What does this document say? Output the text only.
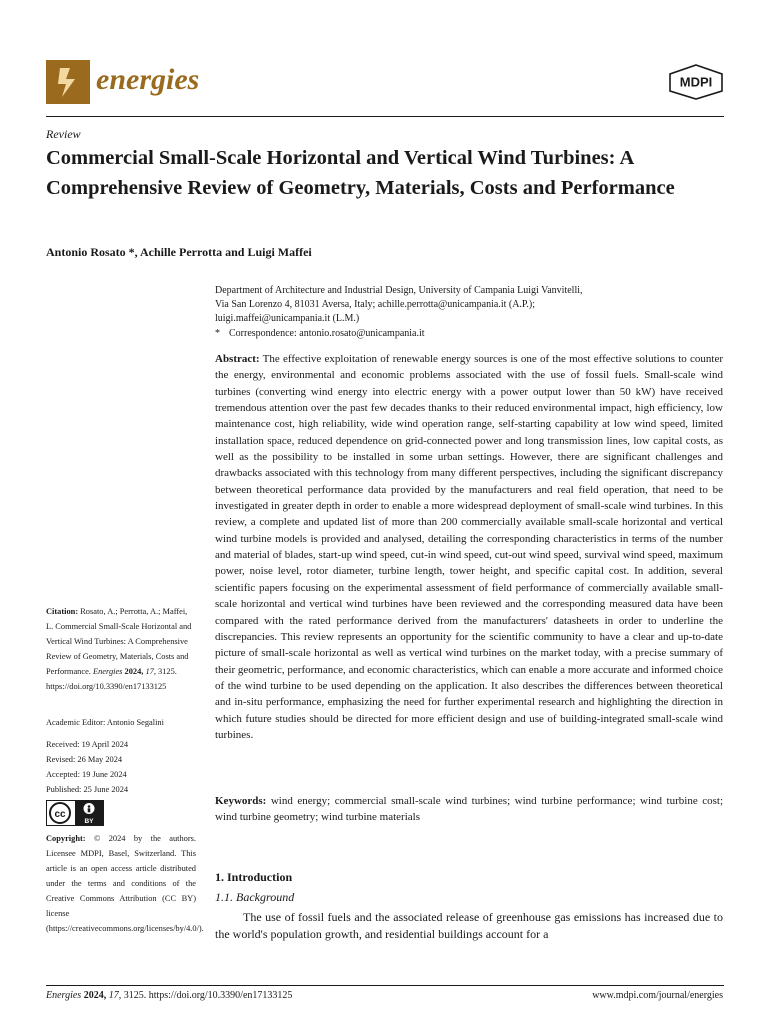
energies	MDPI
Review
Commercial Small-Scale Horizontal and Vertical Wind Turbines: A Comprehensive Review of Geometry, Materials, Costs and Performance
Antonio Rosato *, Achille Perrotta and Luigi Maffei
Department of Architecture and Industrial Design, University of Campania Luigi Vanvitelli,
Via San Lorenzo 4, 81031 Aversa, Italy; achille.perrotta@unicampania.it (A.P.);
luigi.maffei@unicampania.it (L.M.)
* Correspondence: antonio.rosato@unicampania.it
Abstract: The effective exploitation of renewable energy sources is one of the most effective solutions to counter the energy, environmental and economic problems associated with the use of fossil fuels. Small-scale wind turbines (converting wind energy into electric energy with a power output lower than 50 kW) have received tremendous attention over the past few decades thanks to their reduced environmental impact, high efficiency, low maintenance cost, high reliability, wide wind operation range, self-starting capability at low wind speed, limited installation space, reduced dependence on grid-connected power and long transmission lines, low capital costs, as well as the possibility to be installed in some urban settings. However, there are significant challenges and drawbacks associated with this technology from many different perspectives, including the significant discrepancy between theoretical performance data provided by the manufacturers and real field operation, that need to be investigated in greater depth in order to enable a more widespread deployment of small-scale wind turbines. In this review, a complete and updated list of more than 200 commercially available small-scale horizontal and vertical wind turbine models is provided and analysed, detailing the corresponding characteristics in terms of the number and material of blades, start-up wind speed, cut-in wind speed, cut-out wind speed, survival wind speed, maximum power, noise level, rotor diameter, turbine length, tower height, and specific capital cost. In addition, several scientific papers focusing on the experimental assessment of field performance of commercially available small-scale horizontal and vertical wind turbines have been reviewed and the corresponding measured data have been compared with the rated performance derived from the manufacturers' datasheets in order to underline the discrepancies. This review represents an opportunity for the scientific community to have a clear and up-to-date picture of small-scale horizontal as well as vertical wind turbines on the market today, with a precise summary of their geometric, performance, and economic characteristics, which can enable a more accurate and informed choice of the wind turbine to be used depending on the application. It also describes the differences between theoretical and in-situ performance, emphasizing the need for further experimental research and highlighting the direction in which future studies should be directed for more efficient design and use of building-integrated small-scale wind turbines.
Keywords: wind energy; commercial small-scale wind turbines; wind turbine performance; wind turbine cost; wind turbine geometry; wind turbine materials
1. Introduction
1.1. Background
The use of fossil fuels and the associated release of greenhouse gas emissions has increased due to the world's population growth, and residential buildings account for a
Citation: Rosato, A.; Perrotta, A.; Maffei, L. Commercial Small-Scale Horizontal and Vertical Wind Turbines: A Comprehensive Review of Geometry, Materials, Costs and Performance. Energies 2024, 17, 3125. https://doi.org/10.3390/en17133125
Academic Editor: Antonio Segalini
Received: 19 April 2024
Revised: 26 May 2024
Accepted: 19 June 2024
Published: 25 June 2024
cc
BY
Copyright: © 2024 by the authors. Licensee MDPI, Basel, Switzerland. This article is an open access article distributed under the terms and conditions of the Creative Commons Attribution (CC BY) license (https://creativecommons.org/licenses/by/4.0/).
Energies 2024, 17, 3125. https://doi.org/10.3390/en17133125	www.mdpi.com/journal/energies
